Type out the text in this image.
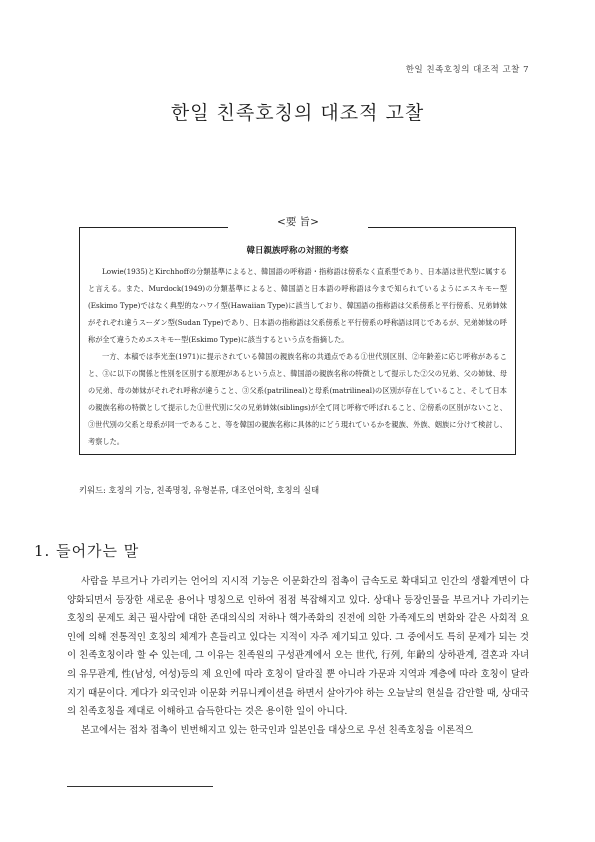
한일 친족호칭의 대조적 고찰 7
한일 친족호칭의 대조적 고찰
<要 旨>
韓日親族呼称の対照的考察

Lowie(1935)とKirchhoffの分類基準によると、韓国語の呼称語・指称語は傍系なく直系型であり、日本語は世代型に属すると言える。また、Murdock(1949)の分類基準によると、韓国語と日本語の呼称語は今まで知られているようにエスキモー型(Eskimo Type)ではなく典型的なハワイ型(Hawaiian Type)に該当しており、韓国語の指称語は父系傍系と平行傍系、兄弟姉妹がそれぞれ違うスーダン型(Sudan Type)であり、日本語の指称語は父系傍系と平行傍系の呼称語は同じであるが、兄弟姉妹の呼称が全て違うためエスキモー型(Eskimo Type)に該当するという点を指摘した。

一方、本稿では李光奎(1971)に提示されている韓国の親族名称の共通点である①世代別区別、②年齢差に応じ呼称があること、③に以下の関係と性別を区別する原理があるという点と、韓国語の親族名称の特徴として提示した②父の兄弟、父の姉妹、母の兄弟、母の姉妹がそれぞれ呼称が違うこと、③父系(patrilineal)と母系(matrilineal)の区別が存在していること、そして日本の親族名称の特徴として提示した①世代別に父の兄弟姉妹(siblings)が全て同じ呼称で呼ばれること、②傍系の区別がないこと、③世代別の父系と母系が同一であること、等を韓国の親族名称に具体的にどう現れているかを親族、外族、姻族に分けて検討し、考察した。

키워드: 호칭의 기능, 친족명칭, 유형분류, 대조언어학, 호칭의 실태
1. 들어가는 말

사람을 부르거나 가리키는 언어의 지시적 기능은 이문화간의 접촉이 급속도로 확대되고 인간의 생활계면이 다양화되면서 등장한 새로운 용어나 명칭으로 인하여 점점 복잡해지고 있다. 상대나 등장인물을 부르거나 가리키는 호칭의 문제도 최근 필사람에 대한 존대의식의 저하나 핵가족화의 진전에 의한 가족제도의 변화와 같은 사회적 요인에 의해 전통적인 호칭의 체계가 흔들리고 있다는 지적이 자주 제기되고 있다. 그 중에서도 특히 문제가 되는 것이 친족호칭이라 할 수 있는데, 그 이유는 친족원의 구성관계에서 오는 世代, 行列, 年齡의 상하관계, 결혼과 자녀의 유무관계, 性(남성, 여성)등의 제 요인에 따라 호칭이 달라질 뿐 아니라 가문과 지역과 계층에 따라 호칭이 달라지기 때문이다. 게다가 외국인과 이문화 커뮤니케이션을 하면서 살아가야 하는 오늘날의 현실을 감안할 때, 상대국의 친족호칭을 제대로 이해하고 습득한다는 것은 용이한 일이 아니다.

본고에서는 접차 접촉이 빈번해지고 있는 한국인과 일본인을 대상으로 우선 친족호칭을 이론적으
